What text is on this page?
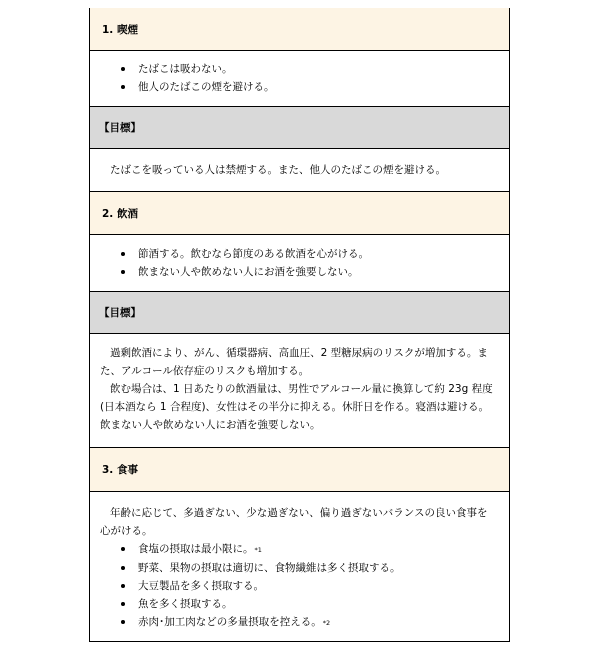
1. 喫煙
たばこは吸わない。
他人のたばこの煙を避ける。
【目標】

たばこを吸っている人は禁煙する。また、他人のたばこの煙を避ける。

2. 飲酒
節酒する。飲むなら節度のある飲酒を心がける。
飲まない人や飲めない人にお酒を強要しない。
【目標】

過剰飲酒により、がん、循環器病、高血圧、2 型糖尿病のリスクが増加する。ま

た、アルコール依存症のリスクも増加する。

飲む場合は、1 日あたりの飲酒量は、男性でアルコール量に換算して約 23g 程度

(日本酒なら 1 合程度)、女性はその半分に抑える。休肝日を作る。寝酒は避ける。

飲まない人や飲めない人にお酒を強要しない。

3. 食事

年齢に応じて、多過ぎない、少な過ぎない、偏り過ぎないバランスの良い食事を

心がける。

食塩の摂取は最小限に。*1
野菜、果物の摂取は適切に、食物繊維は多く摂取する。
大豆製品を多く摂取する。
魚を多く摂取する。
赤肉･加工肉などの多量摂取を控える。*2
